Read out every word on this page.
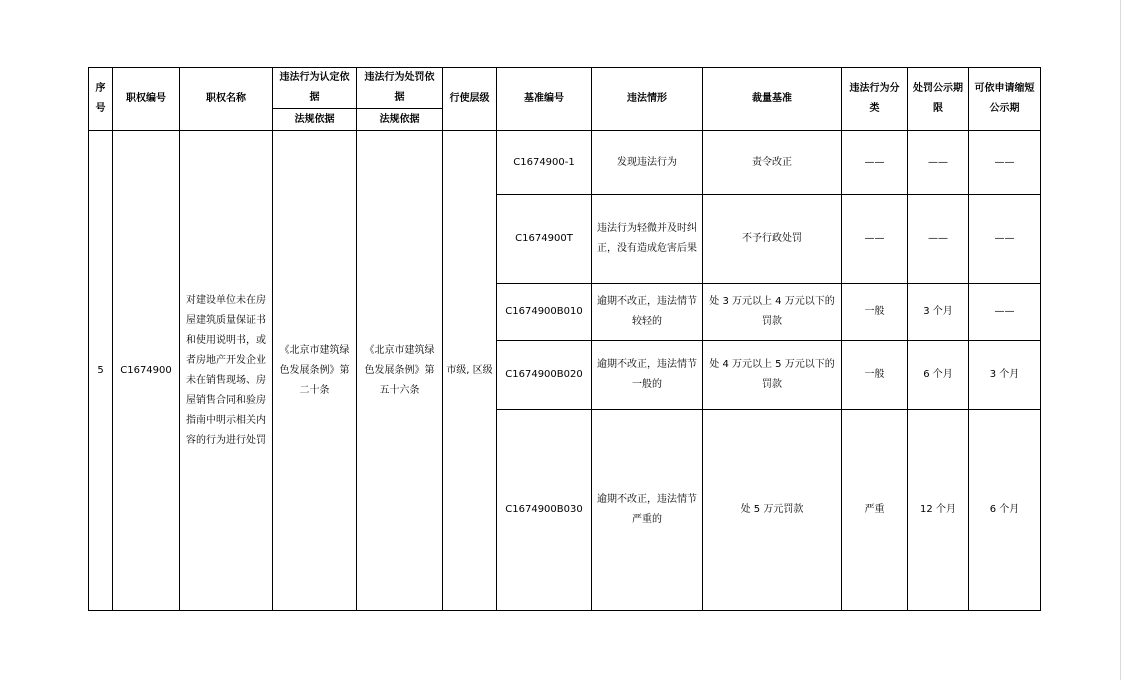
序号	职权编号	职权名称	违法行为认定依据	违法行为处罚依据	行使层级	基准编号	违法情形	裁量基准	违法行为分类	处罚公示期限	可依申请缩短公示期
			法规依据	法规依据							
5	C1674900	对建设单位未在房屋建筑质量保证书和使用说明书，或者房地产开发企业未在销售现场、房屋销售合同和验房指南中明示相关内容的行为进行处罚	《北京市建筑绿色发展条例》第二十条	《北京市建筑绿色发展条例》第五十六条	市级, 区级	C1674900-1	发现违法行为	责令改正	——	——	——
						C1674900T	违法行为轻微并及时纠正，没有造成危害后果	不予行政处罚	——	——	——
						C1674900B010	逾期不改正，违法情节较轻的	处 3 万元以上 4 万元以下的罚款	一般	3 个月	——
						C1674900B020	逾期不改正，违法情节一般的	处 4 万元以上 5 万元以下的罚款	一般	6 个月	3 个月
						C1674900B030	逾期不改正，违法情节严重的	处 5 万元罚款	严重	12 个月	6 个月
